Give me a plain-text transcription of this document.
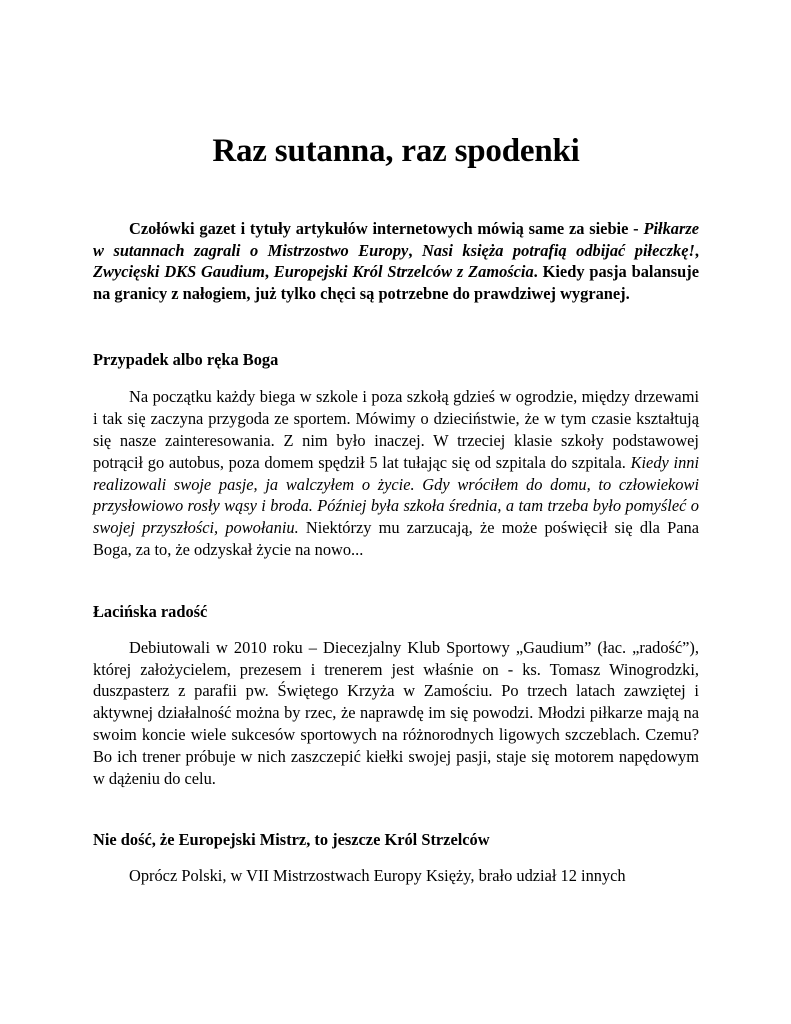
Raz sutanna, raz spodenki

Czołówki gazet i tytuły artykułów internetowych mówią same za siebie - Piłkarze w sutannach zagrali o Mistrzostwo Europy, Nasi księża potrafią odbijać piłeczkę!, Zwycięski DKS Gaudium, Europejski Król Strzelców z Zamościa. Kiedy pasja balansuje na granicy z nałogiem, już tylko chęci są potrzebne do prawdziwej wygranej.

Przypadek albo ręka Boga

Na początku każdy biega w szkole i poza szkołą gdzieś w ogrodzie, między drzewami i tak się zaczyna przygoda ze sportem. Mówimy o dzieciństwie, że w tym czasie kształtują się nasze zainteresowania. Z nim było inaczej. W trzeciej klasie szkoły podstawowej potrącił go autobus, poza domem spędził 5 lat tułając się od szpitala do szpitala. Kiedy inni realizowali swoje pasje, ja walczyłem o życie. Gdy wróciłem do domu, to człowiekowi przysłowiowo rosły wąsy i broda. Później była szkoła średnia, a tam trzeba było pomyśleć o swojej przyszłości, powołaniu. Niektórzy mu zarzucają, że może poświęcił się dla Pana Boga, za to, że odzyskał życie na nowo...

Łacińska radość

Debiutowali w 2010 roku – Diecezjalny Klub Sportowy „Gaudium” (łac. „radość”), której założycielem, prezesem i trenerem jest właśnie on - ks. Tomasz Winogrodzki, duszpasterz z parafii pw. Świętego Krzyża w Zamościu. Po trzech latach zawziętej i aktywnej działalność można by rzec, że naprawdę im się powodzi. Młodzi piłkarze mają na swoim koncie wiele sukcesów sportowych na różnorodnych ligowych szczeblach. Czemu? Bo ich trener próbuje w nich zaszczepić kiełki swojej pasji, staje się motorem napędowym w dążeniu do celu.

Nie dość, że Europejski Mistrz, to jeszcze Król Strzelców

Oprócz Polski, w VII Mistrzostwach Europy Księży, brało udział 12 innych
